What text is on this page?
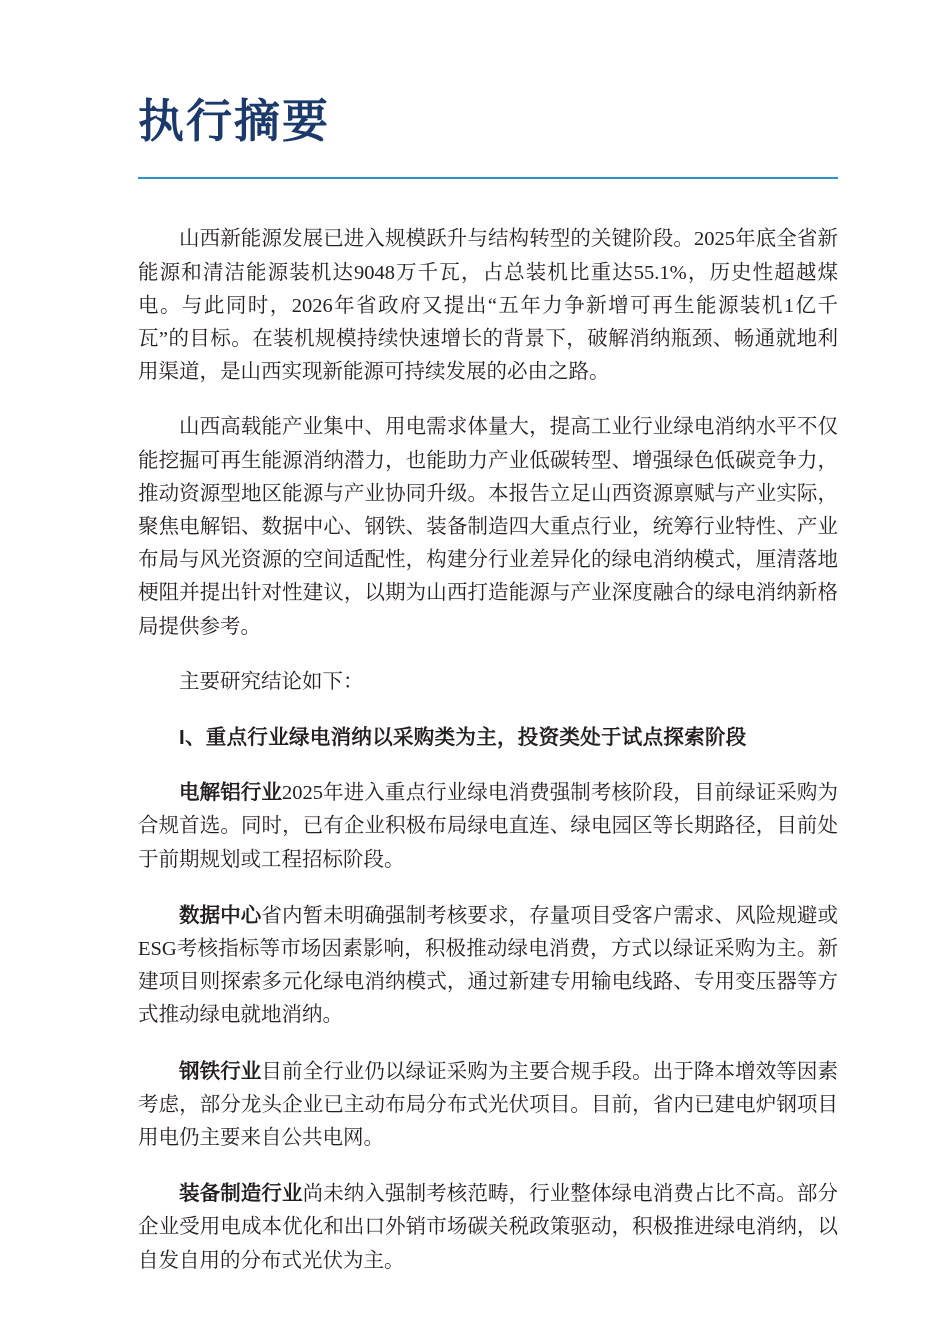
执行摘要

山西新能源发展已进入规模跃升与结构转型的关键阶段。2025年底全省新能源和清洁能源装机达9048万千瓦，占总装机比重达55.1%，历史性超越煤电。与此同时，2026年省政府又提出“五年力争新增可再生能源装机1亿千瓦”的目标。在装机规模持续快速增长的背景下，破解消纳瓶颈、畅通就地利用渠道，是山西实现新能源可持续发展的必由之路。

山西高载能产业集中、用电需求体量大，提高工业行业绿电消纳水平不仅能挖掘可再生能源消纳潜力，也能助力产业低碳转型、增强绿色低碳竞争力，推动资源型地区能源与产业协同升级。本报告立足山西资源禀赋与产业实际，聚焦电解铝、数据中心、钢铁、装备制造四大重点行业，统筹行业特性、产业布局与风光资源的空间适配性，构建分行业差异化的绿电消纳模式，厘清落地梗阻并提出针对性建议，以期为山西打造能源与产业深度融合的绿电消纳新格局提供参考。

主要研究结论如下：

I、重点行业绿电消纳以采购类为主，投资类处于试点探索阶段

电解铝行业2025年进入重点行业绿电消费强制考核阶段，目前绿证采购为合规首选。同时，已有企业积极布局绿电直连、绿电园区等长期路径，目前处于前期规划或工程招标阶段。

数据中心省内暂未明确强制考核要求，存量项目受客户需求、风险规避或ESG考核指标等市场因素影响，积极推动绿电消费，方式以绿证采购为主。新建项目则探索多元化绿电消纳模式，通过新建专用输电线路、专用变压器等方式推动绿电就地消纳。

钢铁行业目前全行业仍以绿证采购为主要合规手段。出于降本增效等因素考虑，部分龙头企业已主动布局分布式光伏项目。目前，省内已建电炉钢项目用电仍主要来自公共电网。

装备制造行业尚未纳入强制考核范畴，行业整体绿电消费占比不高。部分企业受用电成本优化和出口外销市场碳关税政策驱动，积极推进绿电消纳，以自发自用的分布式光伏为主。
